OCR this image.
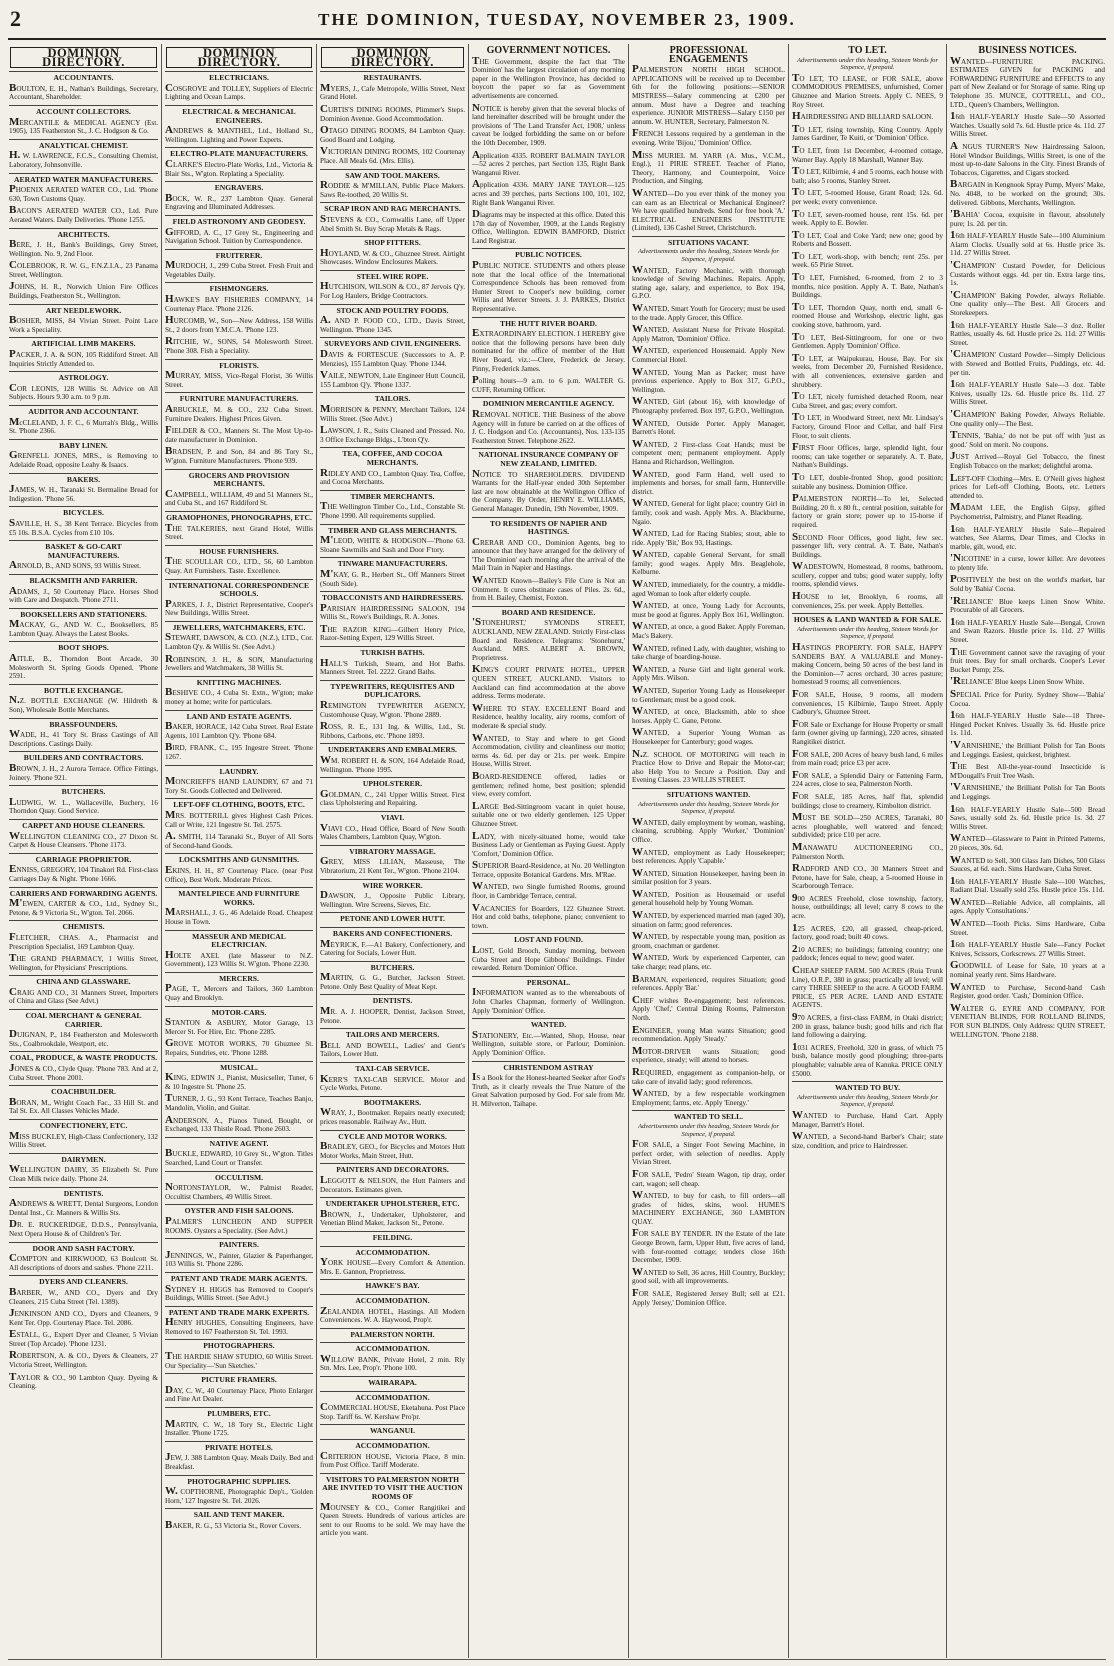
2	THE DOMINION, TUESDAY, NOVEMBER 23, 1909.
DOMINION DIRECTORY.
ACCOUNTANTS.
BOULTON, E. H., Nathan's Buildings, Secretary, Accountant, Shareholder.
ACCOUNT COLLECTORS.
MERCANTILE & MEDICAL AGENCY (Est. 1905), 135 Featherston St., J. C. Hodgson & Co.
ANALYTICAL CHEMIST.
H. W. LAWRENCE, F.C.S., Consulting Chemist, Laboratory, Johnsonville.
AERATED WATER MANUFACTURERS.
PHOENIX AERATED WATER CO., Ltd. 'Phone 630, Town Customs Quay.
BACON'S AERATED WATER CO., Ltd. Pure Aerated Waters. Daily Deliveries. 'Phone 1255.
ARCHITECTS.
BERE, J. H., Bank's Buildings, Grey Street, Wellington. No. 9, 2nd Floor.
COLEBROOK, R. W. G., F.N.Z.I.A., 23 Panama Street, Wellington.
JOHNS, H. R., Norwich Union Fire Offices Buildings, Featherston St., Wellington.
ART NEEDLEWORK.
BOSHER, MISS, 84 Vivian Street. Point Lace Work a Speciality.
ARTIFICIAL LIMB MAKERS.
PACKER, J. A. & SON, 105 Riddiford Street. All Inquiries Strictly Attended to.
ASTROLOGY.
COR LEONIS, 128 Willis St. Advice on All Subjects. Hours 9.30 a.m. to 9 p.m.
AUDITOR AND ACCOUNTANT.
McCLELAND, J. F. C., 6 Murrah's Bldg., Willis St. 'Phone 2366.
BABY LINEN.
GRENFELL JONES, MRS., is Removing to Adelaide Road, opposite Leahy & Isaacs.
BAKERS.
JAMES, W. H., Taranaki St. Bermaline Bread for Indigestion. 'Phone 56.
BICYCLES.
SAVILLE, H. S., 38 Kent Terrace. Bicycles from £5 10s. B.S.A. Cycles from £10 10s.
BASKET & GO-CART MANUFACTURERS.
ARNOLD, B., AND SONS, 93 Willis Street.
BLACKSMITH AND FARRIER.
ADAMS, J., 50 Courtenay Place. Horses Shod with Care and Despatch. 'Phone 2711.
BOOKSELLERS AND STATIONERS.
MACKAY, G., AND W. C., Booksellers, 85 Lambton Quay. Always the Latest Books.
BOOT SHOPS.
AITLE, B., Thorndon Boot Arcade, 30 Molesworth St. Spring Goods Opened. 'Phone 2591.
BOTTLE EXCHANGE.
N.Z. BOTTLE EXCHANGE (W. Hildreth & Son), Wholesale Bottle Merchants.
BRASSFOUNDERS.
WADE, H., 41 Tory St. Brass Castings of All Descriptions. Castings Daily.
BUILDERS AND CONTRACTORS.
BROWN, J. H., 2 Aurora Terrace. Office Fittings, Joinery. 'Phone 921.
BUTCHERS.
LUDWIG, W. L., Wallaceville, Buchery, 16 Thorndon Quay. Good Service.
CARPET AND HOUSE CLEANERS.
WELLINGTON CLEANING CO., 27 Dixon St. Carpet & House Cleansers. 'Phone 1173.
CARRIAGE PROPRIETOR.
ENNISS, GREGORY, 104 Tinakori Rd. First-class Carriages Day & Night. 'Phone 1666.
CARRIERS AND FORWARDING AGENTS.
M'EWEN, CARTER & CO., Ltd., Sydney St., Petone, & 9 Victoria St., W'gton. Tel. 2066.
CHEMISTS.
FLETCHER, CHAS. A., Pharmacist and Prescription Specialist, 169 Lambton Quay.
THE GRAND PHARMACY, 1 Willis Street, Wellington, for Physicians' Prescriptions.
CHINA AND GLASSWARE.
CRAIG AND CO., 31 Manners Street, Importers of China and Glass (See Advt.)
COAL MERCHANT & GENERAL CARRIER.
DUIGNAN, P., 184 Featherston and Molesworth Sts., Coalbrookdale, Westport, etc.
COAL, PRODUCE, & WASTE PRODUCTS.
JONES & CO., Clyde Quay. 'Phone 783. And at 2, Cuba Street. 'Phone 2001.
COACHBUILDER.
BORAN, M., Wright Coach Fac., 33 Hill St. and Tal St. Ex. All Classes Vehicles Made.
CONFECTIONERY, ETC.
MISS BUCKLEY, High-Class Confectionery, 132 Willis Street.
DAIRYMEN.
WELLINGTON DAIRY, 35 Elizabeth St. Pure Clean Milk twice daily. 'Phone 24.
DENTISTS.
ANDREWS & WRETT, Dental Surgeons, London Dental Inst., Cr. Manners & Willis Sts.
DR. E. RUCKERIDGE, D.D.S., Pennsylvania, Next Opera House & of Children's Ter.
DOOR AND SASH FACTORY.
COMPTON and KIRKWOOD, 63 Boulcott St. All descriptions of doors and sashes. 'Phone 2211.
DYERS AND CLEANERS.
BARBER, W., AND CO., Dyers and Dry Cleaners, 215 Cuba Street (Tel. 1389).
JENKINSON AND CO., Dyers and Cleaners, 9 Kent Ter. Opp. Courtenay Place. Tel. 2086.
ESTALL, G., Expert Dyer and Cleaner, 5 Vivian Street (Top Arcade). 'Phone 1231.
ROBERTSON, A. & CO., Dyers & Cleaners, 27 Victoria Street, Wellington.
TAYLOR & CO., 90 Lambton Quay. Dyeing & Cleaning.
DOMINION DIRECTORY.
ELECTRICIANS.
COSGROVE and TOLLEY, Suppliers of Electric Lighting and Ocean Lamps.
ELECTRICAL & MECHANICAL ENGINEERS.
ANDREWS & MANTHEL, Ltd., Holland St., Wellington. Lighting and Power Experts.
ELECTRO-PLATE MANUFACTURERS.
CLARKE'S Electro-Plate Works, Ltd., Victoria & Blair Sts., W'gton. Replating a Speciality.
ENGRAVERS.
BOCK, W. R., 237 Lambton Quay. General Engraving and Illuminated Addresses.
FIELD ASTRONOMY AND GEODESY.
GIFFORD, A. C., 17 Grey St., Engineering and Navigation School. Tuition by Correspondence.
FRUITERER.
MURDOCH, J., 299 Cuba Street. Fresh Fruit and Vegetables Daily.
FISHMONGERS.
HAWKE'S BAY FISHERIES COMPANY, 14 Courtenay Place. 'Phone 2126.
HURCOMB, W., Son—New Address, 158 Willis St., 2 doors from Y.M.C.A. 'Phone 123.
RITCHIE, W., SONS, 54 Molesworth Street. 'Phone 308. Fish a Speciality.
FLORISTS.
MURRAY, MISS, Vice-Regal Florist, 36 Willis Street.
FURNITURE MANUFACTURERS.
ARBUCKLE, M. & CO., 232 Cuba Street. Furniture Dealers. Highest Prices Given.
FIELDER & CO., Manners St. The Most Up-to-date manufacturer in Dominion.
BRADSEN, P. and Son, 84 and 86 Tory St., W'gton. Furniture Manufacturers. 'Phone 939.
GROCERS AND PROVISION MERCHANTS.
CAMPBELL, WILLIAM, 49 and 51 Manners St., and Cuba St., and 167 Riddiford St.
GRAMOPHONES, PHONOGRAPHS, ETC.
THE TALKERIES, next Grand Hotel, Willis Street.
HOUSE FURNISHERS.
THE SCOULLAR CO., LTD., 56, 60 Lambton Quay. Art Furnishers. Taste. Excellence.
INTERNATIONAL CORRESPONDENCE SCHOOLS.
PARKES, J. J., District Representative, Cooper's New Buildings, Willis Street.
JEWELLERS, WATCHMAKERS, ETC.
STEWART, DAWSON, & CO. (N.Z.), LTD., Cor. Lambton Q'y. & Willis St. (See Advt.)
ROBINSON, J. H., & SON, Manufacturing Jewellers and Watchmakers, 38 Willis St.
KNITTING MACHINES.
BESHIVE CO., 4 Cuba St. Extn., W'gton; make money at home; write for particulars.
LAND AND ESTATE AGENTS.
BAKER, HORACE, 142 Cuba Street. Real Estate Agents, 101 Lambton Q'y. 'Phone 684.
BIRD, FRANK, C., 195 Ingestre Street. 'Phone 1267.
LAUNDRY.
MONCRIEFF'S HAND LAUNDRY, 67 and 71 Tory St. Goods Collected and Delivered.
LEFT-OFF CLOTHING, BOOTS, ETC.
MRS. BOTTERILL gives Highest Cash Prices. Call or Write, 121 Ingestre St. Tel. 2575.
A. SMITH, 114 Taranaki St., Buyer of All Sorts of Second-hand Goods.
LOCKSMITHS AND GUNSMITHS.
EKINS, H. H., 87 Courtenay Place. (near Post Office), Best Work. Moderate Prices.
MANTELPIECE AND FURNITURE WORKS.
MARSHALL, J. G., 46 Adelaide Road. Cheapest House in Town.
MASSEUR AND MEDICAL ELECTRICIAN.
HOLTE AXEL (late Masseur to N.Z. Government), 123 Willis St. W'gton. 'Phone 2230.
MERCERS.
PAGE, T., Mercers and Tailors, 360 Lambton Quay and Brooklyn.
MOTOR-CARS.
STANTON & ASBURY, Motor Garage, 13 Mercer St. For Hire, Etc. 'Phone 2285.
GROVE MOTOR WORKS, 70 Ghuznee St. Repairs, Sundries, etc. 'Phone 1288.
MUSICAL.
KING, EDWIN J., Pianist, Musicseller, Tuner, 6 & 10 Ingestre St. 'Phone 25.
TURNER, J. G., 93 Kent Terrace, Teaches Banjo, Mandolin, Violin, and Guitar.
ANDERSON, A., Pianos Tuned, Bought, or Exchanged, 133 Thistle Road. 'Phone 2603.
NATIVE AGENT.
BUCKLE, EDWARD, 10 Grey St., W'gton. Titles Searched, Land Court or Transfer.
OCCULTISM.
NORTONSTAYLOR, W., Palmist Reader, Occultist Chambers, 49 Willis Street.
OYSTER AND FISH SALOONS.
PALMER'S LUNCHEON AND SUPPER ROOMS. Oysters a Speciality. (See Advt.)
PAINTERS.
JENNINGS, W., Painter, Glazier & Paperhanger, 103 Willis St. 'Phone 2286.
PATENT AND TRADE MARK AGENTS.
SYDNEY H. HIGGS has Removed to Cooper's Buildings, Willis Street. (See Advt.)
PATENT AND TRADE MARK EXPERTS.
HENRY HUGHES, Consulting Engineers, have Removed to 167 Featherston St. Tel. 1993.
PHOTOGRAPHERS.
THE HARDIE SHAW STUDIO, 60 Willis Street. Our Speciality—'Sun Sketches.'
PICTURE FRAMERS.
DAY, C. W., 40 Courtenay Place, Photo Enlarger and Fine Art Dealer.
PLUMBERS, ETC.
MARTIN, C. W., 18 Tory St., Electric Light Installer. 'Phone 1725.
PRIVATE HOTELS.
JEW, J. 388 Lambton Quay. Meals Daily. Bed and Breakfast.
PHOTOGRAPHIC SUPPLIES.
W. COPTHORNE, Photographic Dep't., 'Golden Horn,' 127 Ingestre St. Tel. 2026.
SAIL AND TENT MAKER.
BAKER, R. G., 53 Victoria St., Rover Covers.
DOMINION DIRECTORY.
RESTAURANTS.
MYERS, J., Cafe Metropole, Willis Street, Next Grand Hotel.
CURTIS'S DINING ROOMS, Plimmer's Steps. Dominion Avenue. Good Accommodation.
OTAGO DINING ROOMS, 84 Lambton Quay. Good Board and Lodging.
VICTORIAN DINING ROOMS, 102 Courtenay Place. All Meals 6d. (Mrs. Ellis).
SAW AND TOOL MAKERS.
RODDIE & M'MILLAN, Public Place Makers. Saws Re-toothed, 20 Willis St.
SCRAP IRON AND RAG MERCHANTS.
STEVENS & CO., Cornwallis Lane, off Upper Abel Smith St. Buy Scrap Metals & Rags.
SHOP FITTERS.
HOYLAND, W. & CO., Ghuznee Street. Airtight Showcases. Window Enclosures Makers.
STEEL WIRE ROPE.
HUTCHISON, WILSON & CO., 87 Jervois Q'y. For Log Haulers, Bridge Contractors.
STOCK AND POULTRY FOODS.
A. AND P. FOOD CO., LTD., Davis Street, Wellington. 'Phone 1345.
SURVEYORS AND CIVIL ENGINEERS.
DAVIS & FORTESCUE (Successors to A. P. Menzies), 155 Lambton Quay. 'Phone 1344.
VAILE, NEWTON, Late Engineer Hutt Council, 155 Lambton Q'y. 'Phone 1337.
TAILORS.
MORRISON & PENNY, Merchant Tailors, 124 Willis Street. (See Advt.)
LAWSON, J. R., Suits Cleaned and Pressed. No. 3 Office Exchange Bldgs., L'bton Q'y.
TEA, COFFEE, AND COCOA MERCHANTS.
RIDLEY AND CO., Lambton Quay. Tea, Coffee, and Cocoa Merchants.
TIMBER MERCHANTS.
THE Wellington Timber Co., Ltd., Constable St. 'Phone 1990. All requirements supplied.
TIMBER AND GLASS MERCHANTS.
M'LEOD, WHITE & HODGSON—'Phone 63. Sloane Sawmills and Sash and Door F'tory.
TINWARE MANUFACTURERS.
M'KAY, G. R., Herbert St., Off Manners Street (South Side).
TOBACCONISTS AND HAIRDRESSERS.
PARISIAN HAIRDRESSING SALOON, 194 Willis St., Rowe's Buildings, R. A. Jones.
THE RAZOR KING—Gilbert Henry Price, Razor-Setting Expert, 129 Willis Street.
TURKISH BATHS.
HALL'S Turkish, Steam, and Hot Baths. Manners Street. Tel. 2222. Grand Baths.
TYPEWRITERS, REQUISITES AND DUPLICATORS.
REMINGTON TYPEWRITER AGENCY, Customhouse Quay, W'gton. 'Phone 2889.
ROSS, R. E., 131 Ing. & Willis, Ltd., St. Ribbons, Carbons, etc. 'Phone 1893.
UNDERTAKERS AND EMBALMERS.
WM. ROBERT H. & SON, 164 Adelaide Road, Wellington. 'Phone 1995.
UPHOLSTERER.
GOLDMAN, C., 241 Upper Willis Street. First class Upholstering and Repairing.
VIAVI.
VIAVI CO., Head Office, Board of New South Wales Chambers, Lambton Quay, W'gton.
VIBRATORY MASSAGE.
GREY, MISS LILIAN, Masseuse, The Vibratorium, 21 Kent Ter., W'gton. 'Phone 2104.
WIRE WORKER.
DAWSON, J., Opposite Public Library, Wellington. Wire Screens, Sieves, Etc.
PETONE AND LOWER HUTT.
BAKERS AND CONFECTIONERS.
MEYRICK, F.—A1 Bakery, Confectionery, and Catering for Socials, Lower Hutt.
BUTCHERS.
MARTIN, G. G., Butcher, Jackson Street. Petone. Only Best Quality of Meat Kept.
DENTISTS.
MR. A. J. HOOPER, Dentist, Jackson Street, Petone.
TAILORS AND MERCERS.
BELL AND BOWELL, Ladies' and Gent's Tailors, Lower Hutt.
TAXI-CAB SERVICE.
KERR'S TAXI-CAB SERVICE. Motor and Cycle Works, Petone.
BOOTMAKERS.
WRAY, J., Bootmaker. Repairs neatly executed; prices reasonable. Railway Av., Hutt.
CYCLE AND MOTOR WORKS.
BRADLEY, GEO., for Bicycles and Motors Hutt Motor Works, Main Street, Hutt.
PAINTERS AND DECORATORS.
LEGGOTT & NELSON, the Hutt Painters and Decorators. Estimates given.
UNDERTAKER UPHOLSTERER, ETC.
BROWN, J., Undertaker, Upholsterer, and Venetian Blind Maker, Jackson St., Petone.
FEILDING.
ACCOMMODATION.
YORK HOUSE—Every Comfort & Attention. Mrs. E. Gannon, Proprietress.
HAWKE'S BAY.
ACCOMMODATION.
ZEALANDIA HOTEL, Hastings. All Modern Conveniences. W. A. Haywood, Prop'r.
PALMERSTON NORTH.
ACCOMMODATION.
WILLOW BANK, Private Hotel, 2 min. Rly Stn. Mrs. Lee, Prop'r. 'Phone 100.
WAIRARAPA.
ACCOMMODATION.
COMMERCIAL HOUSE, Eketahuna. Post Place Stop. Tariff 6s. W. Kershaw Pro'pr.
WANGANUI.
ACCOMMODATION.
CRITERION HOUSE, Victoria Place, 8 min. from Post Office. Tariff Moderate.
VISITORS TO PALMERSTON NORTH ARE INVITED TO VISIT THE AUCTION ROOMS OF
MOUNSEY & CO., Corner Rangitikei and Queen Streets. Hundreds of various articles are sent to our Rooms to be sold. We may have the article you want.
GOVERNMENT NOTICES.
THE Government, despite the fact that 'The Dominion' has the largest circulation of any morning paper in the Wellington Province, has decided to boycott the paper so far as Government advertisements are concerned.
NOTICE is hereby given that the several blocks of land hereinafter described will be brought under the provisions of 'The Land Transfer Act, 1908,' unless caveat be lodged forbidding the same on or before the 10th December, 1909.
Application 4335. ROBERT BALMAIN TAYLOR—52 acres 2 perches, part Section 135, Right Bank Wanganui River.
Application 4336. MARY JANE TAYLOR—125 acres and 39 perches, parts Sections 100, 101, 102, Right Bank Wanganui River.
Diagrams may be inspected at this office. Dated this 17th day of November, 1909, at the Lands Registry Office, Wellington. EDWIN BAMFORD, District Land Registrar.
PUBLIC NOTICES.
PUBLIC NOTICE. STUDENTS and others please note that the local office of the International Correspondence Schools has been removed from Hunter Street to Cooper's new building, corner Willis and Mercer Streets. J. J. PARKES, District Representative.
THE HUTT RIVER BOARD.
EXTRAORDINARY ELECTION. I HEREBY give notice that the following persons have been duly nominated for the office of member of the Hutt River Board, viz.:—Clere, Frederick de Jersey. Pinny, Frederick James.
Polling hours—9 a.m. to 6 p.m. WALTER G. CUFF, Returning Officer.
DOMINION MERCANTILE AGENCY.
REMOVAL NOTICE. THE Business of the above Agency will in future be carried on at the offices of J. C. Hodgson and Co. (Accountants), Nos. 133-135 Featherston Street. Telephone 2622.
NATIONAL INSURANCE COMPANY OF NEW ZEALAND, LIMITED.
NOTICE TO SHAREHOLDERS. DIVIDEND Warrants for the Half-year ended 30th September last are now obtainable at the Wellington Office of the Company. By Order, HENRY E. WILLIAMS, General Manager. Dunedin, 19th November, 1909.
TO RESIDENTS OF NAPIER AND HASTINGS.
CRERAR AND CO., Dominion Agents, beg to announce that they have arranged for the delivery of 'The Dominion' each morning after the arrival of the Mail Train in Napier and Hastings.
WANTED Known—Bailey's File Cure is Not an Ointment. It cures obstinate cases of Piles. 2s. 6d., from H. Bailey, Chemist, Foxton.
BOARD AND RESIDENCE.
'STONEHURST,' SYMONDS STREET, AUCKLAND, NEW ZEALAND. Strictly First-class Board and Residence. Telegrams: 'Stonehurst,' Auckland. MRS. ALBERT A. BROWN, Proprietress.
KING'S COURT PRIVATE HOTEL, UPPER QUEEN STREET, AUCKLAND. Visitors to Auckland can find accommodation at the above address. Terms moderate.
WHERE TO STAY. EXCELLENT Board and Residence, healthy locality, airy rooms, comfort of moderate & special study.
WANTED, to Stay and where to get Good Accommodation, civility and cleanliness our motto; terms 4s. 6d. per day or 21s. per week. Empire House, Willis Street.
BOARD-RESIDENCE offered, ladies or gentlemen; refined home, best position; splendid view, every comfort.
LARGE Bed-Sittingroom vacant in quiet house, suitable one or two elderly gentlemen. 125 Upper Ghuznee Street.
LADY, with nicely-situated home, would take Business Lady or Gentleman as Paying Guest. Apply 'Comfort,' Dominion Office.
SUPERIOR Board-Residence, at No. 20 Wellington Terrace, opposite Botanical Gardens. Mrs. M'Rae.
WANTED, two Single furnished Rooms, ground floor, in Cambridge Terrace, central.
VACANCIES for Boarders, 122 Ghuznee Street. Hot and cold baths, telephone, piano; convenient to town.
LOST AND FOUND.
LOST, Gold Brooch, Sunday morning, between Cuba Street and Hope Gibbons' Buildings. Finder rewarded. Return 'Dominion' Office.
PERSONAL.
INFORMATION wanted as to the whereabouts of John Charles Chapman, formerly of Wellington. Apply 'Dominion' Office.
WANTED.
STATIONERY, Etc.—Wanted, Shop, House, near Wellington, suitable store, or Parlour; Dominion. Apply 'Dominion' Office.
CHRISTENDOM ASTRAY
IS a Book for the Honest-hearted Seeker after God's Truth, as it clearly reveals the True Nature of the Great Salvation purposed by God. For sale from Mr. H. Milverton, Taihape.
PROFESSIONAL ENGAGEMENTS
PALMERSTON NORTH HIGH SCHOOL. APPLICATIONS will be received up to December 6th for the following positions:—SENIOR MISTRESS—Salary commencing at £200 per annum. Must have a Degree and teaching experience. JUNIOR MISTRESS—Salary £150 per annum. W. HUNTER, Secretary, Palmerston N.
FRENCH Lessons required by a gentleman in the evening. Write 'Bijou,' 'Dominion' Office.
MISS MURIEL M. YARR (A. Mus., V.C.M., Engl.), 11 PIRIE STREET. Teacher of Piano, Theory, Harmony, and Counterpoint, Voice Production, and Singing.
WANTED—Do you ever think of the money you can earn as an Electrical or Mechanical Engineer? We have qualified hundreds. Send for free book 'A.' ELECTRICAL ENGINEERS INSTITUTE (Limited), 136 Cashel Street, Christchurch.
SITUATIONS VACANT.
Advertisements under this heading, Sixteen Words for Sixpence, if prepaid.
WANTED, Factory Mechanic, with thorough knowledge of Sewing Machines. Repairs. Apply, stating age, salary, and experience, to Box 194, G.P.O.
WANTED, Smart Youth for Grocery; must be used to the trade. Apply Grocer, this Office.
WANTED, Assistant Nurse for Private Hospital. Apply Matron, 'Dominion' Office.
WANTED, experienced Housemaid. Apply New Commercial Hotel.
WANTED, Young Man as Packer; must have previous experience. Apply to Box 317, G.P.O., Wellington.
WANTED, Girl (about 16), with knowledge of Photography preferred. Box 197, G.P.O., Wellington.
WANTED, Outside Porter. Apply Manager, Barrett's Hotel.
WANTED, 2 First-class Coat Hands; must be competent men; permanent employment. Apply Hanna and Richardson, Wellington.
WANTED, good Farm Hand, well used to implements and horses, for small farm, Hunterville district.
WANTED, General for light place; country Girl in family, cook and wash. Apply Mrs. A. Blackburne, Ngaio.
WANTED, Lad for Racing Stables; stout, able to ride. Apply 'Bit,' Box 93, Hastings.
WANTED, capable General Servant, for small family; good wages. Apply Mrs. Beaglehole, Kelburne.
WANTED, immediately, for the country, a middle-aged Woman to look after elderly couple.
WANTED, at once, Young Lady for Accounts, must be good at figures. Apply Box 161, Wellington.
WANTED, at once, a good Baker. Apply Foreman, Mac's Bakery.
WANTED, refined Lady, with daughter, wishing to take charge of boarding-house.
WANTED, a Nurse Girl and light general work. Apply Mrs. Wilson.
WANTED, Superior Young Lady as Housekeeper to Gentleman; must be a good cook.
WANTED, at once, Blacksmith, able to shoe horses. Apply C. Gane, Petone.
WANTED, a Superior Young Woman as Housekeeper for Canterbury; good wages.
N.Z. SCHOOL OF MOTORING will teach in Practice How to Drive and Repair the Motor-car; also Help You to Secure a Position. Day and Evening Classes. 23 WILLIS STREET.
SITUATIONS WANTED.
Advertisements under this heading, Sixteen Words for Sixpence, if prepaid.
WANTED, daily employment by woman, washing, cleaning, scrubbing. Apply 'Worker,' 'Dominion' Office.
WANTED, employment as Lady Housekeeper; best references. Apply 'Capable.'
WANTED, Situation Housekeeper, having been in similar position for 3 years.
WANTED, Position as Housemaid or useful general household help by Young Woman.
WANTED, by experienced married man (aged 30), situation on farm; good references.
WANTED, by respectable young man, position as groom, coachman or gardener.
WANTED, Work by experienced Carpenter, can take charge; read plans, etc.
BARMAN, experienced, requires Situation; good references. Apply 'Bar.'
CHEF wishes Re-engagement; best references. Apply 'Chef,' Central Dining Rooms, Palmerston North.
ENGINEER, young Man wants Situation; good recommendation. Apply 'Steady.'
MOTOR-DRIVER wants Situation; good experience, steady; will attend to horses.
REQUIRED, engagement as companion-help, or take care of invalid lady; good references.
WANTED, by a few respectable workingmen Employment; farms, etc. Apply 'Energy.'
WANTED TO SELL.
Advertisements under this heading, Sixteen Words for Sixpence, if prepaid.
FOR SALE, a Singer Foot Sewing Machine, in perfect order, with selection of needles. Apply Vivian Street.
FOR SALE, 'Pedro' Steam Wagon, tip dray, order cart, wagon; sell cheap.
WANTED, to buy for cash, to fill orders—all grades of hides, skins, wool. HUME'S MACHINERY EXCHANGE, 360 LAMBTON QUAY.
FOR SALE BY TENDER. IN the Estate of the late George Brown, farm, Upper Hutt, five acres of land, with four-roomed cottage; tenders close 16th December, 1909.
WANTED to Sell, 36 acres, Hill Country, Buckley; good soil, with all improvements.
FOR SALE, Registered Jersey Bull; sell at £21. Apply 'Jersey,' Dominion Office.
TO LET.
Advertisements under this heading, Sixteen Words for Sixpence, if prepaid.
TO LET, TO LEASE, or FOR SALE, above COMMODIOUS PREMISES, unfurnished, Corner Ghuznee and Marion Streets. Apply C. NEES, 9 Roy Street.
HAIRDRESSING AND BILLIARD SALOON.
TO LET, rising township, King Country. Apply James Gardiner, Te Kuiti, or 'Dominion' Office.
TO LET, from 1st December, 4-roomed cottage, Warner Bay. Apply 18 Marshall, Wanner Bay.
TO LET, Kilbirnie, 4 and 5 rooms, each house with bath; also 5 rooms, Stanley Street.
TO LET, 5-roomed House, Grant Road; 12s. 6d. per week; every convenience.
TO LET, seven-roomed house, rent 15s. 6d. per week. Apply to E. Bowler.
TO LET, Coal and Coke Yard; new one; good by Roberts and Bossett.
TO LET, work-shop, with bench; rent 25s. per week. 65 Pirie Street.
TO LET, Furnished, 6-roomed, from 2 to 3 months, nice position. Apply A. T. Bate, Nathan's Buildings.
TO LET, Thorndon Quay, north end, small 6-roomed House and Workshop, electric light, gas cooking stove, bathroom, yard.
TO LET, Bed-Sittingroom, for one or two Gentlemen. Apply 'Dominion' Office.
TO LET, at Waipukurau, House, Bay. For six weeks, from December 20, Furnished Residence, with all conveniences, extensive garden and shrubbery.
TO LET, nicely furnished detached Room, near Cuba Street, and gas; every comfort.
TO LET, in Woodward Street, next Mr. Lindsay's Factory, Ground Floor and Cellar, and half First Floor, to suit clients.
FIRST Floor Offices, large, splendid light, four rooms; can take together or separately. A. T. Bate, Nathan's Buildings.
TO LET, double-fronted Shop, good position; suitable any business. Dominion Office.
PALMERSTON NORTH—To let, Selected Building, 20 ft. x 80 ft., central position, suitable for factory or grain store; power up to 15-horse if required.
SECOND Floor Offices, good light, few sec. passenger lift, very central. A. T. Bate, Nathan's Buildings.
WADESTOWN, Homestead, 8 rooms, bathroom, scullery, copper and tubs; good water supply, lofty rooms, splendid views.
HOUSE to let, Brooklyn, 6 rooms, all conveniences, 25s. per week. Apply Bettelles.
HOUSES & LAND WANTED & FOR SALE.
Advertisements under this heading, Sixteen Words for Sixpence, if prepaid.
HASTINGS PROPERTY. FOR SALE, HAPPY SANDERS BAY. A VALUABLE and Money-making Concern, being 50 acres of the best land in the Dominion—7 acres orchard, 30 acres pasture; homestead 9 rooms; all conveniences.
FOR SALE, House, 9 rooms, all modern conveniences, 15 Kilbirnie, Taupo Street. Apply Cadbury's, Ghuznee Street.
FOR Sale or Exchange for House Property or small farm (owner giving up farming), 220 acres, situated Rangitikei district.
FOR SALE, 200 Acres of heavy bush land, 6 miles from main road; price £3 per acre.
FOR SALE, a Splendid Dairy or Fattening Farm, 224 acres, close to sea, Palmerston North.
FOR SALE, 185 Acres, half flat, splendid buildings; close to creamery, Kimbolton district.
MUST BE SOLD—250 ACRES, Taranaki, 80 acres ploughable, well watered and fenced; subdivided; price £10 per acre.
MANAWATU AUCTIONEERING CO., Palmerston North.
RADFORD AND CO., 30 Manners Street and Petone, have for Sale, cheap, a 5-roomed House in Scarborough Terrace.
900 ACRES Freehold, close township, factory, house, outbuildings; all level; carry 8 cows to the acre.
125 ACRES, £20, all grassed, cheap-priced, factory, good road; built 40 cows.
210 ACRES; no buildings; fattening country; one paddock; fences equal to new; good water.
CHEAP SHEEP FARM. 500 ACRES (Ruia Trunk Line), O.R.P., 380 in grass; practically all level; will carry THREE SHEEP to the acre. A GOOD FARM. PRICE, £5 PER ACRE. LAND AND ESTATE AGENTS.
970 ACRES, a first-class FARM, in Otaki district; 200 in grass, balance bush; good hills and rich flat land following a dairying.
1031 ACRES, Freehold, 320 in grass, of which 75 bush, balance mostly good ploughing; three-parts ploughable; valuable area of Kanuka. PRICE ONLY £5000.
WANTED TO BUY.
Advertisements under this heading, Sixteen Words for Sixpence, if prepaid.
WANTED to Purchase, Hand Cart. Apply Manager, Barrett's Hotel.
WANTED, a Second-hand Barber's Chair; state size, condition, and price to Hairdresser.
BUSINESS NOTICES.
WANTED—FURNITURE PACKING. ESTIMATES GIVEN for PACKING and FORWARDING FURNITURE and EFFECTS to any part of New Zealand or for Storage of same. Ring up Telephone 35. MUNCE, COTTRELL, and CO., LTD., Queen's Chambers, Wellington.
16th HALF-YEARLY Hustle Sale—50 Assorted Watches. Usually sold 7s. 6d. Hustle price 4s. 11d. 27 Willis Street.
A NGUS TURNER'S New Hairdressing Saloon, Hotel Windsor Buildings, Willis Street, is one of the most up-to-date Saloons in the City. Finest Brands of Tobaccos, Cigarettes, and Cigars stocked.
BARGAIN in Kengnook Spray Pump, Myers' Make, No. 4048, to be worked on the ground; 30s. delivered. Gibbons, Merchants, Wellington.
'BAHIA' Cocoa, exquisite in flavour, absolutely pure; 1s. 2d. per tin.
16th HALF-YEARLY Hustle Sale—100 Aluminium Alarm Clocks. Usually sold at 6s. Hustle price 3s. 11d. 27 Willis Street.
'CHAMPION' Custard Powder, for Delicious Custards without eggs. 4d. per tin. Extra large tins, 1s.
'CHAMPION' Baking Powder, always Reliable. One quality only—The Best. All Grocers and Storekeepers.
16th HALF-YEARLY Hustle Sale—3 doz. Roller Rattles, usually 4s. 6d. Hustle price 2s. 11d. 27 Willis Street.
'CHAMPION' Custard Powder—Simply Delicious with Stewed and Bottled Fruits, Puddings, etc. 4d. per tin.
16th HALF-YEARLY Hustle Sale—3 doz. Table Knives, usually 12s. 6d. Hustle price 8s. 11d. 27 Willis Street.
'CHAMPION' Baking Powder, Always Reliable. One quality only—The Best.
TENNIS, 'Bahia,' do not be put off with 'just as good.' Sold on merit. No coupons.
JUST Arrived—Royal Gel Tobacco, the finest English Tobacco on the market; delightful aroma.
LEFT-OFF Clothing—Mrs. E. O'Neill gives highest prices for Left-off Clothing, Boots, etc. Letters attended to.
MADAM LEE, the English Gipsy, gifted Psychometrist, Palmistry, and Planet Reading.
16th HALF-YEARLY Hustle Sale—Repaired watches, See Alarms, Dear Times, and Clocks in marble, gilt, wood, etc.
'NICOTINE' in a curse, lower killer. Are devotees to plenty life.
POSITIVELY the best on the world's market, bar Sold by 'Bahia' Cocoa.
'RELIANCE' Blue keeps Linen Snow White. Procurable of all Grocers.
16th HALF-YEARLY Hustle Sale—Bengal, Crown and Swan Razors. Hustle price 1s. 11d. 27 Willis Street.
THE Government cannot save the ravaging of your fruit trees. Buy for small orchards. Cooper's Lever Bucket Pump; 25s.
'RELIANCE' Blue keeps Linen Snow White.
SPECIAL Price for Purity. Sydney Show—'Bahia' Cocoa.
16th HALF-YEARLY Hustle Sale—18 Three-Hinged Pocket Knives. Usually 3s. 6d. Hustle price 1s. 11d.
'VARNISHINE,' the Brilliant Polish for Tan Boots and Leggings. Easiest, quickest, brightest.
THE Best All-the-year-round Insecticide is M'Dougall's Fruit Tree Wash.
'VARNISHINE,' the Brilliant Polish for Tan Boots and Leggings.
16th HALF-YEARLY Hustle Sale—500 Bread Saws, usually sold 2s. 6d. Hustle price 1s. 3d. 27 Willis Street.
WANTED—Glassware to Paint in Printed Patterns, 20 pieces, 30s. 6d.
WANTED to Sell, 300 Glass Jam Dishes, 500 Glass Sauces, at 6d. each. Sims Hardware, Cuba Street.
16th HALF-YEARLY Hustle Sale—100 Watches, Radiant Dial. Usually sold 25s. Hustle price 15s. 11d.
WANTED—Reliable Advice, all complaints, all ages. Apply 'Consultations.'
WANTED—Tooth Picks. Sims Hardware, Cuba Street.
16th HALF-YEARLY Hustle Sale—Fancy Pocket Knives, Scissors, Corkscrews. 27 Willis Street.
GOODWILL of Lease for Sale, 10 years at a nominal yearly rent. Sims Hardware.
WANTED to Purchase, Second-hand Cash Register, good order. 'Cash,' Dominion Office.
WALTER G. EYRE AND COMPANY, FOR VENETIAN BLINDS, FOR ROLLAND BLINDS, FOR SUN BLINDS. Only Address: QUIN STREET, WELLINGTON. 'Phone 2188.
